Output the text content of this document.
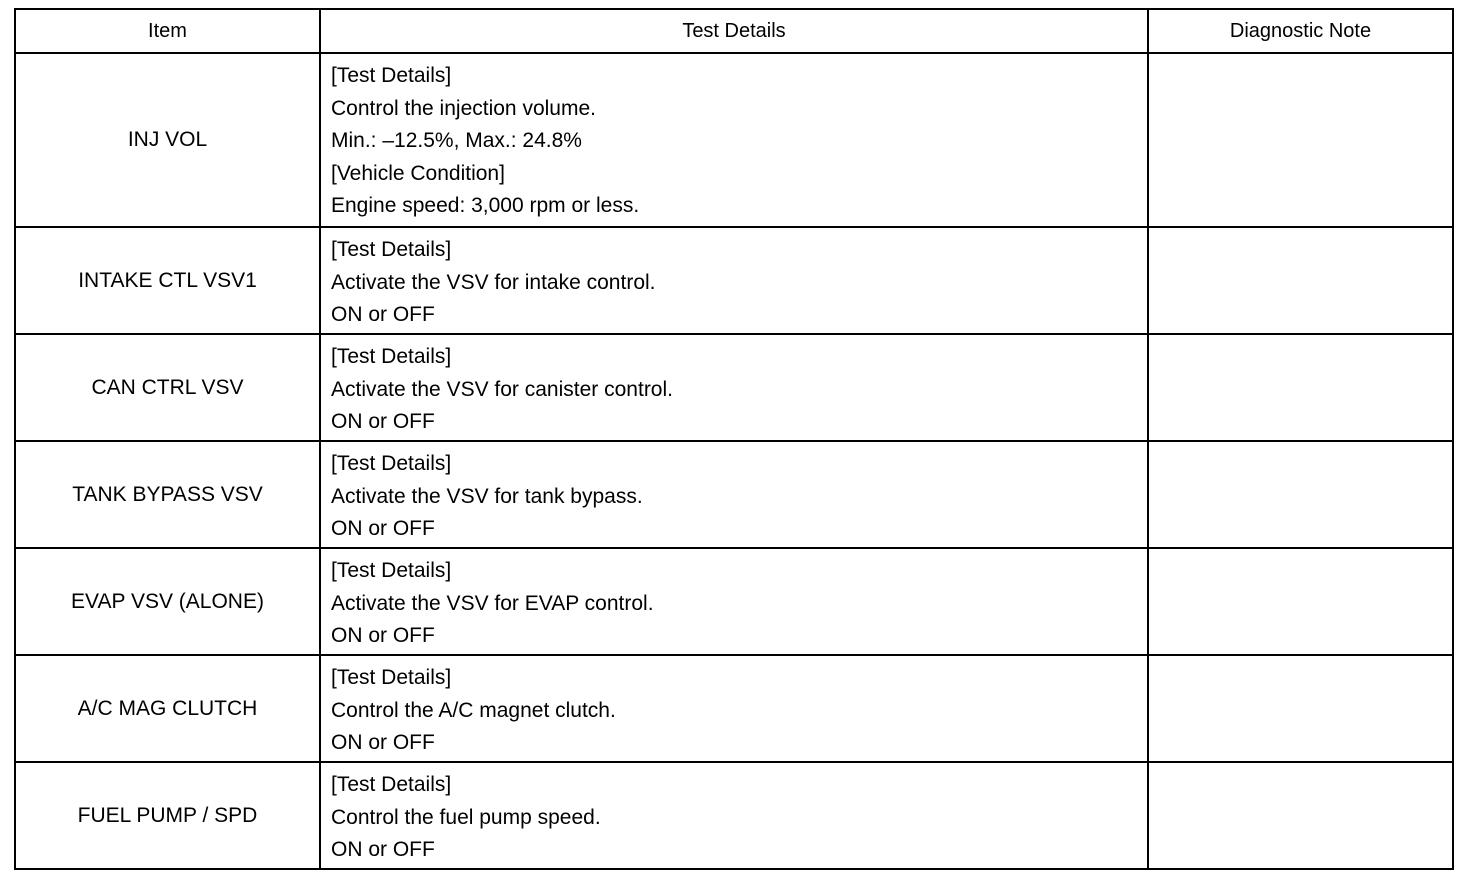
Item	Test Details	Diagnostic Note
INJ VOL	[Test Details]
Control the injection volume.
Min.: –12.5%, Max.: 24.8%
[Vehicle Condition]
Engine speed: 3,000 rpm or less.	

INTAKE CTL VSV1	[Test Details]
Activate the VSV for intake control.
ON or OFF	

CAN CTRL VSV	[Test Details]
Activate the VSV for canister control.
ON or OFF	

TANK BYPASS VSV	[Test Details]
Activate the VSV for tank bypass.
ON or OFF	

EVAP VSV (ALONE)	[Test Details]
Activate the VSV for EVAP control.
ON or OFF	

A/C MAG CLUTCH	[Test Details]
Control the A/C magnet clutch.
ON or OFF	

FUEL PUMP / SPD	[Test Details]
Control the fuel pump speed.
ON or OFF	
